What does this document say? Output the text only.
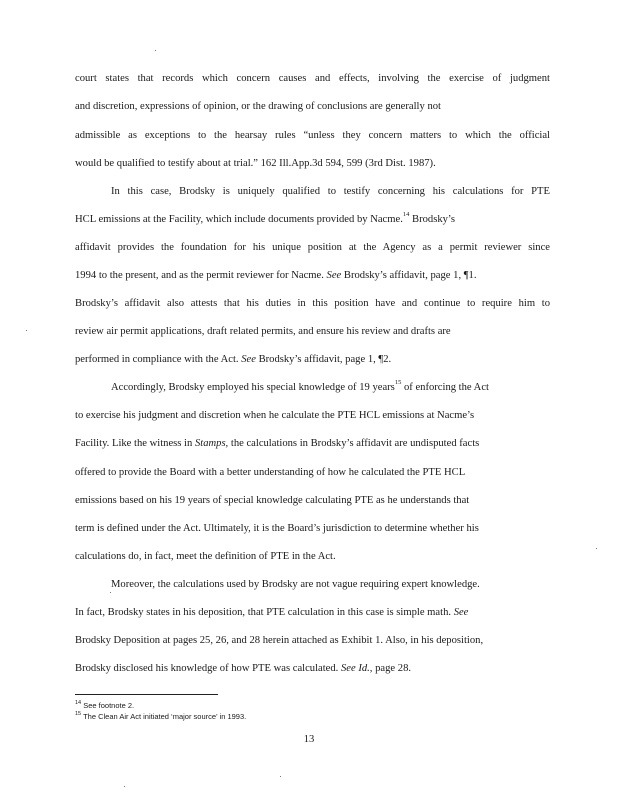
court states that records which concern causes and effects, involving the exercise of judgment
and discretion, expressions of opinion, or the drawing of conclusions are generally not
admissible as exceptions to the hearsay rules “unless they concern matters to which the official
would be qualified to testify about at trial.” 162 Ill.App.3d 594, 599 (3rd Dist. 1987).
In this case, Brodsky is uniquely qualified to testify concerning his calculations for PTE
HCL emissions at the Facility, which include documents provided by Nacme.$^{14}$ Brodsky’s
affidavit provides the foundation for his unique position at the Agency as a permit reviewer since
1994 to the present, and as the permit reviewer for Nacme. See Brodsky’s affidavit, page 1, ¶1.
Brodsky’s affidavit also attests that his duties in this position have and continue to require him to
review air permit applications, draft related permits, and ensure his review and drafts are
performed in compliance with the Act. See Brodsky’s affidavit, page 1, ¶2.
Accordingly, Brodsky employed his special knowledge of 19 years$^{15}$ of enforcing the Act
to exercise his judgment and discretion when he calculate the PTE HCL emissions at Nacme’s
Facility. Like the witness in Stamps, the calculations in Brodsky’s affidavit are undisputed facts
offered to provide the Board with a better understanding of how he calculated the PTE HCL
emissions based on his 19 years of special knowledge calculating PTE as he understands that
term is defined under the Act. Ultimately, it is the Board’s jurisdiction to determine whether his
calculations do, in fact, meet the definition of PTE in the Act.
Moreover, the calculations used by Brodsky are not vague requiring expert knowledge.
In fact, Brodsky states in his deposition, that PTE calculation in this case is simple math. See
Brodsky Deposition at pages 25, 26, and 28 herein attached as Exhibit 1. Also, in his deposition,
Brodsky disclosed his knowledge of how PTE was calculated. See Id., page 28.
$^{14}$ See footnote 2.
$^{15}$ The Clean Air Act initiated ‘major source’ in 1993.
13
